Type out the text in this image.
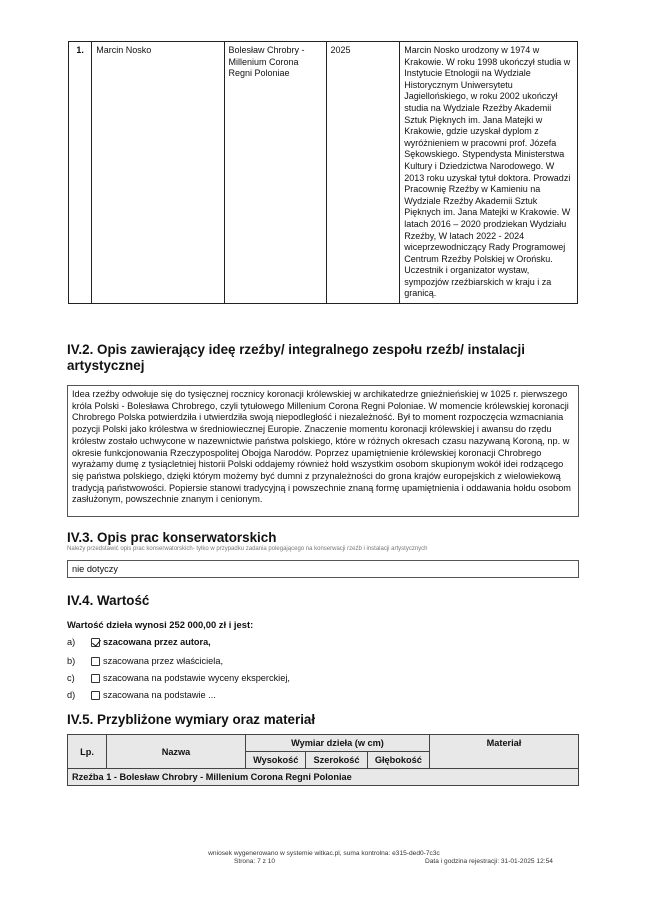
1.	Marcin Nosko	Bolesław Chrobry - Millenium Corona Regni Poloniae	2025	Marcin Nosko urodzony w 1974 w Krakowie. W roku 1998 ukończył studia w Instytucie Etnologii na Wydziale Historycznym Uniwersytetu Jagiellońskiego, w roku 2002 ukończył studia na Wydziale Rzeźby Akademii Sztuk Pięknych im. Jana Matejki w Krakowie, gdzie uzyskał dyplom z wyróżnieniem w pracowni prof. Józefa Sękowskiego. Stypendysta Ministerstwa Kultury i Dziedzictwa Narodowego. W 2013 roku uzyskał tytuł doktora. Prowadzi Pracownię Rzeźby w Kamieniu na Wydziale Rzeźby Akademii Sztuk Pięknych im. Jana Matejki w Krakowie. W latach 2016 – 2020 prodziekan Wydziału Rzeźby, W latach 2022 - 2024 wiceprzewodniczący Rady Programowej Centrum Rzeźby Polskiej w Orońsku. Uczestnik i organizator wystaw, sympozjów rzeźbiarskich w kraju i za granicą.
IV.2. Opis zawierający ideę rzeźby/ integralnego zespołu rzeźb/ instalacji artystycznej
Idea rzeźby odwołuje się do tysięcznej rocznicy koronacji królewskiej w archikatedrze gnieźnieńskiej w 1025 r. pierwszego króla Polski - Bolesława Chrobrego, czyli tytułowego Millenium Corona Regni Poloniae. W momencie królewskiej koronacji Chrobrego Polska potwierdziła i utwierdziła swoją niepodległość i niezależność. Był to moment rozpoczęcia wzmacniania pozycji Polski jako królestwa w średniowiecznej Europie. Znaczenie momentu koronacji królewskiej i awansu do rzędu królestw zostało uchwycone w nazewnictwie państwa polskiego, które w różnych okresach czasu nazywaną Koroną, np. w okresie funkcjonowania Rzeczypospolitej Obojga Narodów. Poprzez upamiętnienie królewskiej koronacji Chrobrego wyrażamy dumę z tysiącletniej historii Polski oddajemy również hołd wszystkim osobom skupionym wokół idei rodzącego się państwa polskiego, dzięki którym możemy być dumni z przynależności do grona krajów europejskich z wielowiekową tradycją państwowości. Popiersie stanowi tradycyjną i powszechnie znaną formę upamiętnienia i oddawania hołdu osobom zasłużonym, powszechnie znanym i cenionym.
IV.3. Opis prac konserwatorskich
Należy przedstawić opis prac konserwatorskich- tylko w przypadku zadania polegającego na konserwacji rzeźb i instalacji artystycznych
nie dotyczy
IV.4. Wartość
Wartość dzieła wynosi 252 000,00 zł i jest:
a)	szacowana przez autora,
b)	szacowana przez właściciela,
c)	szacowana na podstawie wyceny eksperckiej,
d)	szacowana na podstawie ...
IV.5. Przybliżone wymiary oraz materiał
Lp.	Nazwa	Wymiar dzieła (w cm)			Materiał
		Wysokość	Szerokość	Głębokość	
Rzeźba 1 - Bolesław Chrobry - Millenium Corona Regni Poloniae					
wniosek wygenerowano w systemie witkac.pl, suma kontrolna: e315-ded0-7c3c
Strona: 7 z 10	Data i godzina rejestracji: 31-01-2025 12:54
